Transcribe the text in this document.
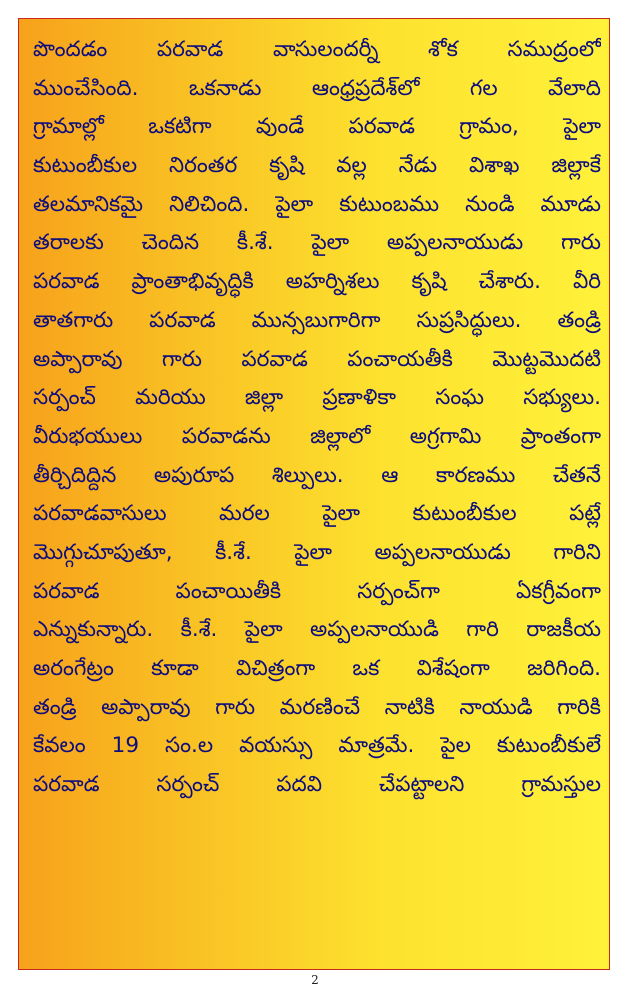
పొందడం పరవాడ వాసులందర్నీ శోక సముద్రంలో
ముంచేసింది. ఒకనాడు ఆంధ్రప్రదేశ్‌లో గల వేలాది
గ్రామాల్లో ఒకటిగా వుండే పరవాడ గ్రామం, పైలా
కుటుంబీకుల నిరంతర కృషి వల్ల నేడు విశాఖ జిల్లాకే
తలమానికమై నిలిచింది. పైలా కుటుంబము నుండి మూడు
తరాలకు చెందిన కీ.శే. పైలా అప్పలనాయుడు గారు
పరవాడ ప్రాంతాభివృద్ధికి అహర్నిశలు కృషి చేశారు. వీరి
తాతగారు పరవాడ మున్సబుగారిగా సుప్రసిద్ధులు. తండ్రి
అప్పారావు గారు పరవాడ పంచాయతీకి మొట్టమొదటి
సర్పంచ్ మరియు జిల్లా ప్రణాళికా సంఘ సభ్యులు.
వీరుభయులు పరవాడను జిల్లాలో అగ్రగామి ప్రాంతంగా
తీర్చిదిద్దిన అపురూప శిల్పులు. ఆ కారణము చేతనే
పరవాడవాసులు మరల పైలా కుటుంబీకుల పట్లే
మొగ్గుచూపుతూ, కీ.శే. పైలా అప్పలనాయుడు గారిని
పరవాడ పంచాయితీకి సర్పంచ్‌గా ఏకగ్రీవంగా
ఎన్నుకున్నారు. కీ.శే. పైలా అప్పలనాయుడి గారి రాజకీయ
అరంగేట్రం కూడా విచిత్రంగా ఒక విశేషంగా జరిగింది.
తండ్రి అప్పారావు గారు మరణించే నాటికి నాయుడి గారికి
కేవలం 19 సం.ల వయస్సు మాత్రమే. పైల కుటుంబీకులే
పరవాడ సర్పంచ్ పదవి చేపట్టాలని గ్రామస్తుల
2
